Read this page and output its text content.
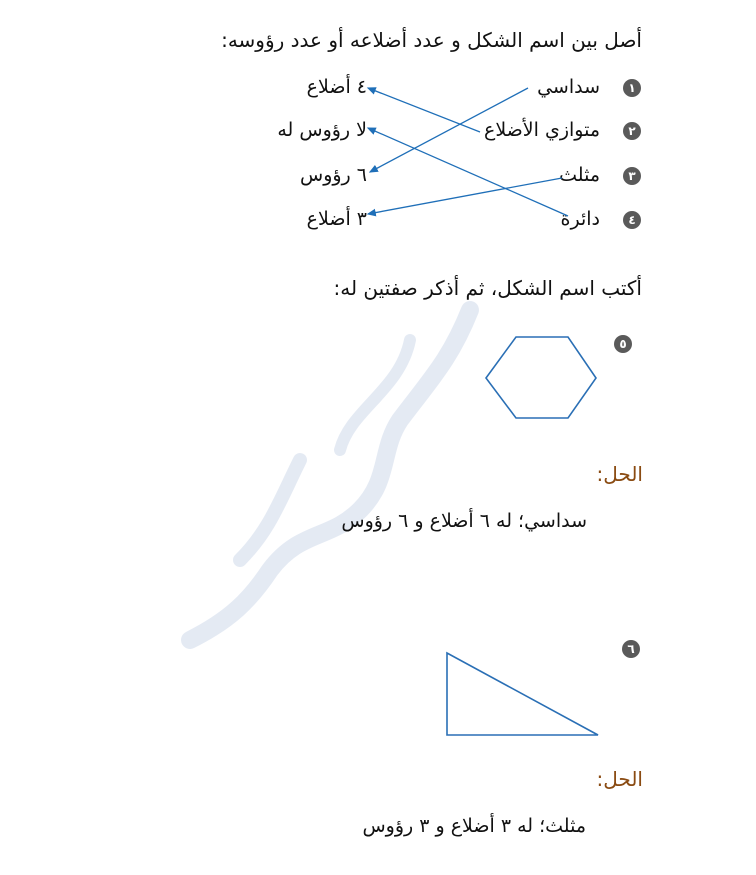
أصل بين اسم الشكل و عدد أضلاعه أو عدد رؤوسه:
سداسي	١
متوازي الأضلاع	٢
مثلث	٣
دائرة	٤
٤ أضلاع
لا رؤوس له
٦ رؤوس
٣ أضلاع
أكتب اسم الشكل، ثم أذكر صفتين له:
٥
الحل:
سداسي؛ له ٦ أضلاع و ٦ رؤوس
٦
الحل:
مثلث؛ له ٣ أضلاع و ٣ رؤوس
